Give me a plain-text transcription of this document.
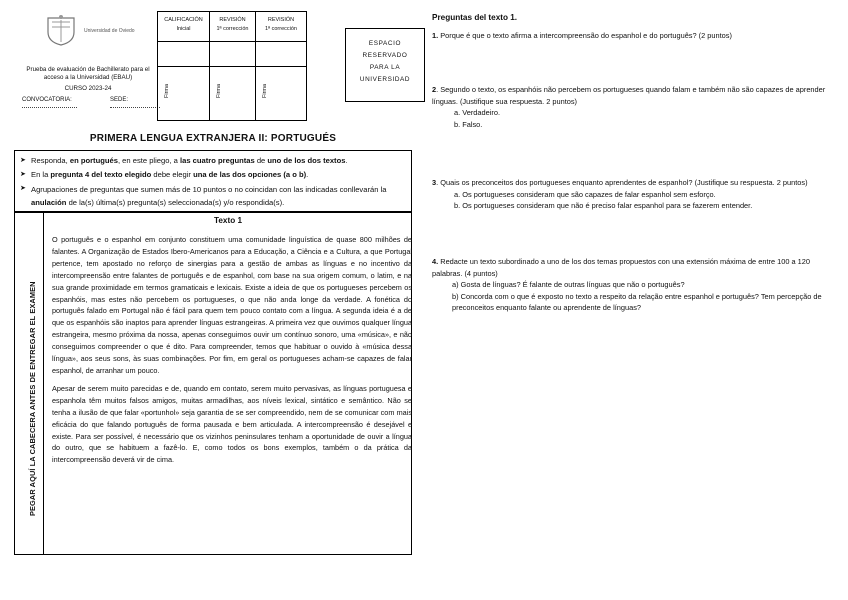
Universidad de Oviedo
Prueba de evaluación de Bachillerato para el acceso a la Universidad (EBAU)
CURSO 2023-24
CONVOCATORIA:	SEDE:
CALIFICACIÓN
Inicial
Firma
REVISIÓN
1ª corrección
Firma
REVISIÓN
1ª corrección
Firma
ESPACIO
RESERVADO
PARA LA
UNIVERSIDAD
PRIMERA LENGUA EXTRANJERA II: PORTUGUÉS
➤ Responda, en portugués, en este pliego, a las cuatro preguntas de uno de los dos textos.
➤ En la pregunta 4 del texto elegido debe elegir una de las dos opciones (a o b).
➤ Agrupaciones de preguntas que sumen más de 10 puntos o no coincidan con las indicadas conllevarán la anulación de la(s) última(s) pregunta(s) seleccionada(s) y/o respondida(s).
PEGAR AQUÍ LA CABECERA ANTES DE ENTREGAR EL EXAMEN
Texto 1

O português e o espanhol em conjunto constituem uma comunidade linguística de quase 800 milhões de falantes. A Organização de Estados Ibero-Americanos para a Educação, a Ciência e a Cultura, a que Portugal pertence, tem apostado no reforço de sinergias para a gestão de ambas as línguas e no incentivo da intercompreensão entre falantes de português e de espanhol, com base na sua origem comum, o latim, e na sua grande proximidade em termos gramaticais e lexicais. Existe a ideia de que os portugueses percebem os espanhóis, mas estes não percebem os portugueses, o que não anda longe da verdade. A fonética do português falado em Portugal não é fácil para quem tem pouco contato com a língua. A segunda ideia é a de que os espanhóis são inaptos para aprender línguas estrangeiras. A primeira vez que ouvimos qualquer língua estrangeira, mesmo próxima da nossa, apenas conseguimos ouvir um contínuo sonoro, uma «música», e não conseguimos compreender o que é dito. Para compreender, temos que habituar o ouvido à «música dessa língua», aos seus sons, às suas combinações. Por fim, em geral os portugueses acham-se capazes de falar espanhol, de arranhar um pouco.

Apesar de serem muito parecidas e de, quando em contato, serem muito pervasivas, as línguas portuguesa e espanhola têm muitos falsos amigos, muitas armadilhas, aos níveis lexical, sintático e semântico. Não se tenha a ilusão de que falar «portunhol» seja garantia de se ser compreendido, nem de se comunicar com mais eficácia do que falando português de forma pausada e bem articulada. A intercompreensão é desejável e existe. Para ser possível, é necessário que os vizinhos peninsulares tenham a oportunidade de ouvir a língua do outro, que se habituem a fazê-lo. E, como todos os bons exemplos, também o da prática da intercompreensão deverá vir de cima.

Preguntas del texto 1.
1. Porque é que o texto afirma a intercompreensão do espanhol e do português? (2 puntos)
2. Segundo o texto, os espanhóis não percebem os portugueses quando falam e também não são capazes de aprender línguas. (Justifique sua respuesta. 2 puntos)
a. Verdadeiro.
b. Falso.
3. Quais os preconceitos dos portugueses enquanto aprendentes de espanhol? (Justifique su respuesta. 2 puntos)
a. Os portugueses consideram que são capazes de falar espanhol sem esforço.
b. Os portugueses consideram que não é preciso falar espanhol para se fazerem entender.
4. Redacte un texto subordinado a uno de los dos temas propuestos con una extensión máxima de entre 100 a 120 palabras. (4 puntos)
a) Gosta de línguas? É falante de outras línguas que não o português?
b) Concorda com o que é exposto no texto a respeito da relação entre espanhol e português? Tem percepção de preconceitos enquanto falante ou aprendente de línguas?
